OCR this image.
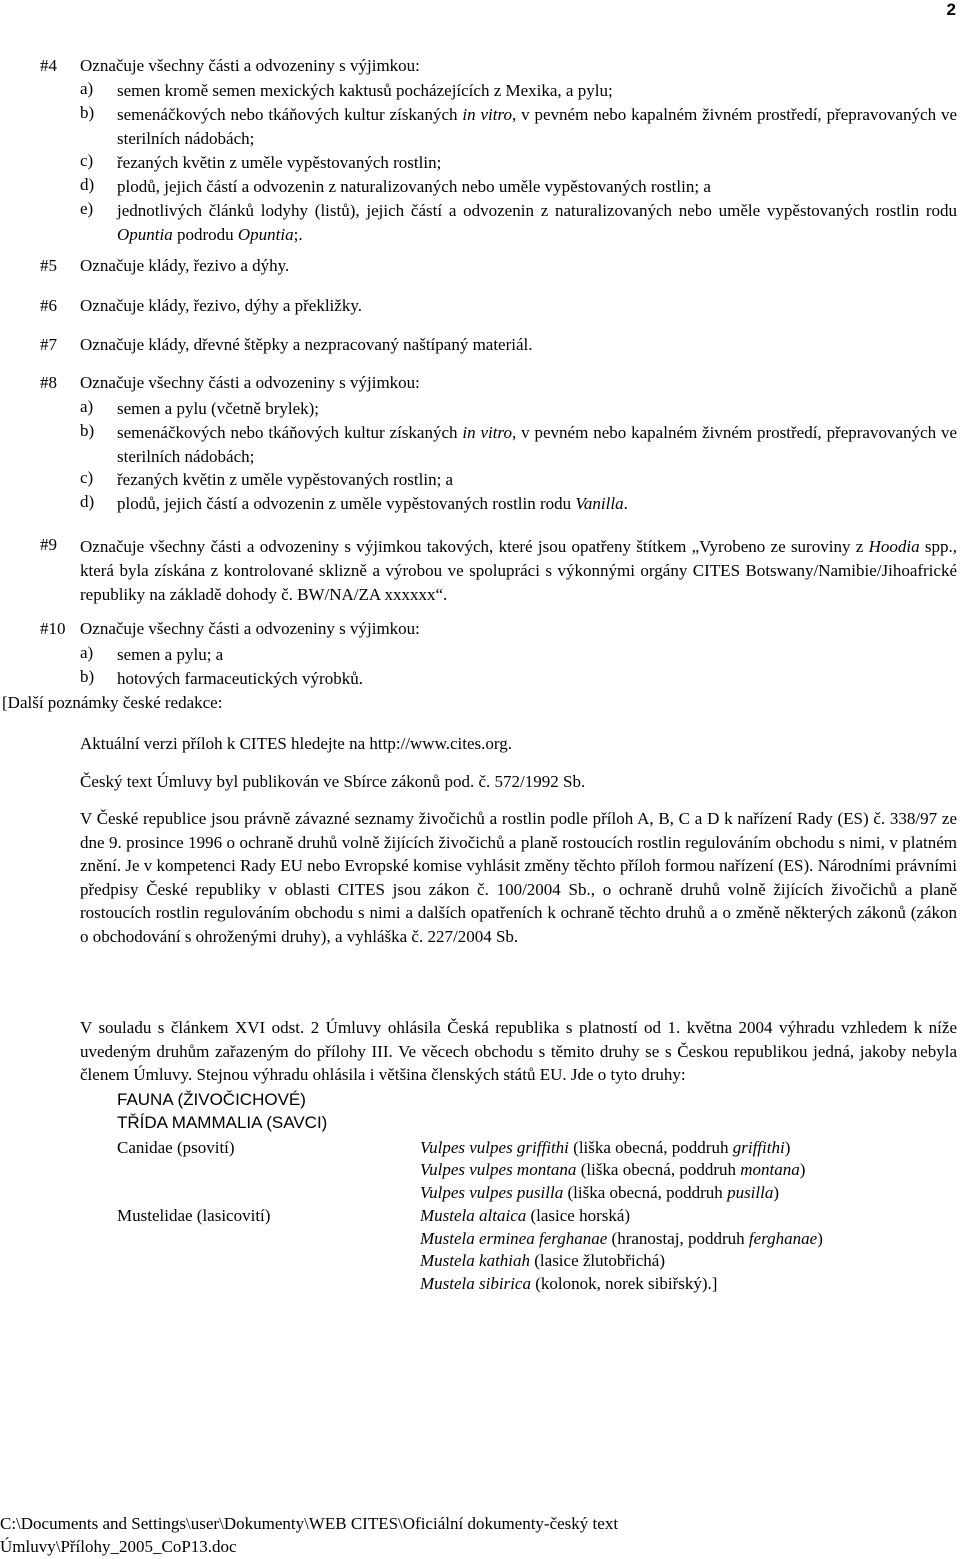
2
#4	Označuje všechny části a odvozeniny s výjimkou:
a)	semen kromě semen mexických kaktusů pocházejících z Mexika, a pylu;
b)	semenáčkových nebo tkáňových kultur získaných in vitro, v pevném nebo kapalném živném prostředí, přepravovaných ve sterilních nádobách;
c)	řezaných květin z uměle vypěstovaných rostlin;
d)	plodů, jejich částí a odvozenin z naturalizovaných nebo uměle vypěstovaných rostlin; a
e)	jednotlivých článků lodyhy (listů), jejich částí a odvozenin z naturalizovaných nebo uměle vypěstovaných rostlin rodu Opuntia podrodu Opuntia;.
#5	Označuje klády, řezivo a dýhy.
#6	Označuje klády, řezivo, dýhy a překližky.
#7	Označuje klády, dřevné štěpky a nezpracovaný naštípaný materiál.
#8	Označuje všechny části a odvozeniny s výjimkou:
a)	semen a pylu (včetně brylek);
b)	semenáčkových nebo tkáňových kultur získaných in vitro, v pevném nebo kapalném živném prostředí, přepravovaných ve sterilních nádobách;
c)	řezaných květin z uměle vypěstovaných rostlin; a
d)	plodů, jejich částí a odvozenin z uměle vypěstovaných rostlin rodu Vanilla.
#9	Označuje všechny části a odvozeniny s výjimkou takových, které jsou opatřeny štítkem „Vyrobeno ze suroviny z Hoodia spp., která byla získána z kontrolované sklizně a výrobou ve spolupráci s výkonnými orgány CITES Botswany/Namibie/Jihoafrické republiky na základě dohody č. BW/NA/ZA xxxxxx“.
#10 Označuje všechny části a odvozeniny s výjimkou:
a)	semen a pylu; a
b)	hotových farmaceutických výrobků.
[Další poznámky české redakce:
Aktuální verzi příloh k CITES hledejte na http://www.cites.org.
Český text Úmluvy byl publikován ve Sbírce zákonů pod. č. 572/1992 Sb.
V České republice jsou právně závazné seznamy živočichů a rostlin podle příloh A, B, C a D k nařízení Rady (ES) č. 338/97 ze dne 9. prosince 1996 o ochraně druhů volně žijících živočichů a planě rostoucích rostlin regulováním obchodu s nimi, v platném znění. Je v kompetenci Rady EU nebo Evropské komise vyhlásit změny těchto příloh formou nařízení (ES). Národními právními předpisy České republiky v oblasti CITES jsou zákon č. 100/2004 Sb., o ochraně druhů volně žijících živočichů a planě rostoucích rostlin regulováním obchodu s nimi a dalších opatřeních k ochraně těchto druhů a o změně některých zákonů (zákon o obchodování s ohroženými druhy), a vyhláška č. 227/2004 Sb.
V souladu s článkem XVI odst. 2 Úmluvy ohlásila Česká republika s platností od 1. května 2004 výhradu vzhledem k níže uvedeným druhům zařazeným do přílohy III. Ve věcech obchodu s těmito druhy se s Českou republikou jedná, jakoby nebyla členem Úmluvy. Stejnou výhradu ohlásila i většina členských států EU. Jde o tyto druhy:
FAUNA (ŽIVOČICHOVÉ)
TŘÍDA MAMMALIA (SAVCI)
Canidae (psovití)	Vulpes vulpes griffithi (liška obecná, poddruh griffithi)
Vulpes vulpes montana (liška obecná, poddruh montana)
Vulpes vulpes pusilla (liška obecná, poddruh pusilla)
Mustelidae (lasicovití)	Mustela altaica (lasice horská)
Mustela erminea ferghanae (hranostaj, poddruh ferghanae)
Mustela kathiah (lasice žlutobřichá)
Mustela sibirica (kolonok, norek sibiřský).]
C:\Documents and Settings\user\Dokumenty\WEB CITES\Oficiální dokumenty-český text
Úmluvy\Přílohy_2005_CoP13.doc
